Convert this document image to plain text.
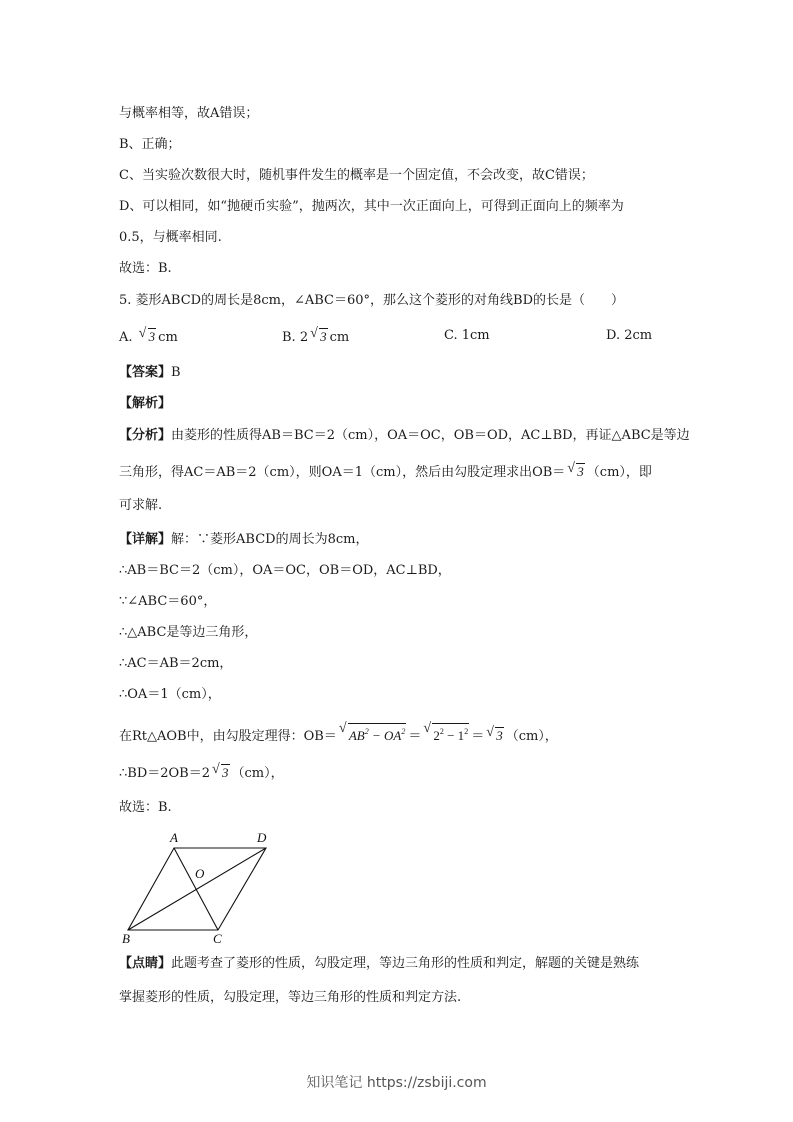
与概率相等，故A错误；
B、正确；
C、当实验次数很大时，随机事件发生的概率是一个固定值，不会改变，故C错误；
D、可以相同，如“抛硬币实验”，抛两次，其中一次正面向上，可得到正面向上的频率为
0.5，与概率相同.
故选：B.
5. 菱形ABCD的周长是8cm，∠ABC＝60°，那么这个菱形的对角线BD的长是（　　）
A. √ 3 cm	B. 2 √ 3 cm	C. 1cm	D. 2cm
【答案】B
【解析】
【分析】由菱形的性质得AB＝BC＝2（cm），OA＝OC，OB＝OD，AC⊥BD，再证△ABC是等边
三角形，得AC＝AB＝2（cm），则OA＝1（cm），然后由勾股定理求出OB＝ √ 3 （cm），即
可求解.
【详解】解：∵菱形ABCD的周长为8cm，
∴AB＝BC＝2（cm），OA＝OC，OB＝OD，AC⊥BD，
∵∠ABC＝60°，
∴△ABC是等边三角形，
∴AC＝AB＝2cm，
∴OA＝1（cm），
在Rt△AOB中，由勾股定理得：OB＝ √ $AB^2 - OA^2$ ＝ √ $2^2 - 1^2$ ＝ √ 3 （cm），
∴BD＝2OB＝2 √ 3 （cm），
故选：B.
A	D
O
B	C
【点睛】此题考查了菱形的性质，勾股定理，等边三角形的性质和判定，解题的关键是熟练
掌握菱形的性质，勾股定理，等边三角形的性质和判定方法.
知识笔记 https://zsbiji.com
